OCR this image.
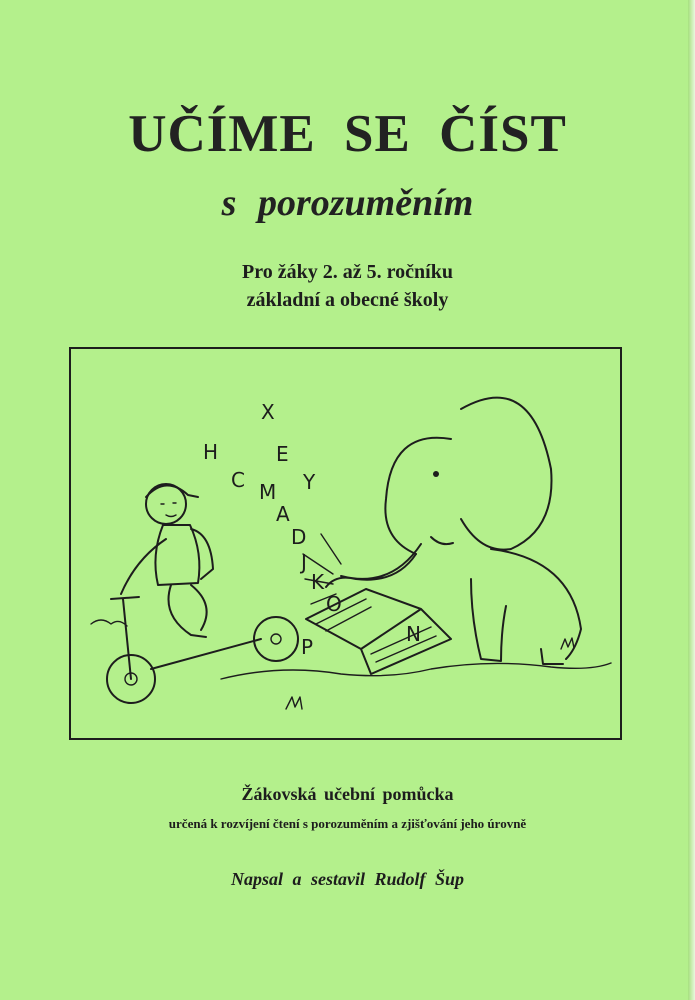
UČÍME SE ČÍST
s porozuměním

Pro žáky 2. až 5. ročníku

základní a obecné školy

H
C M
A
D
J
K
O
N
P
E
Y
X

Žákovská učební pomůcka

určená k rozvíjení čtení s porozuměním a zjišťování jeho úrovně

Napsal a sestavil Rudolf Šup
